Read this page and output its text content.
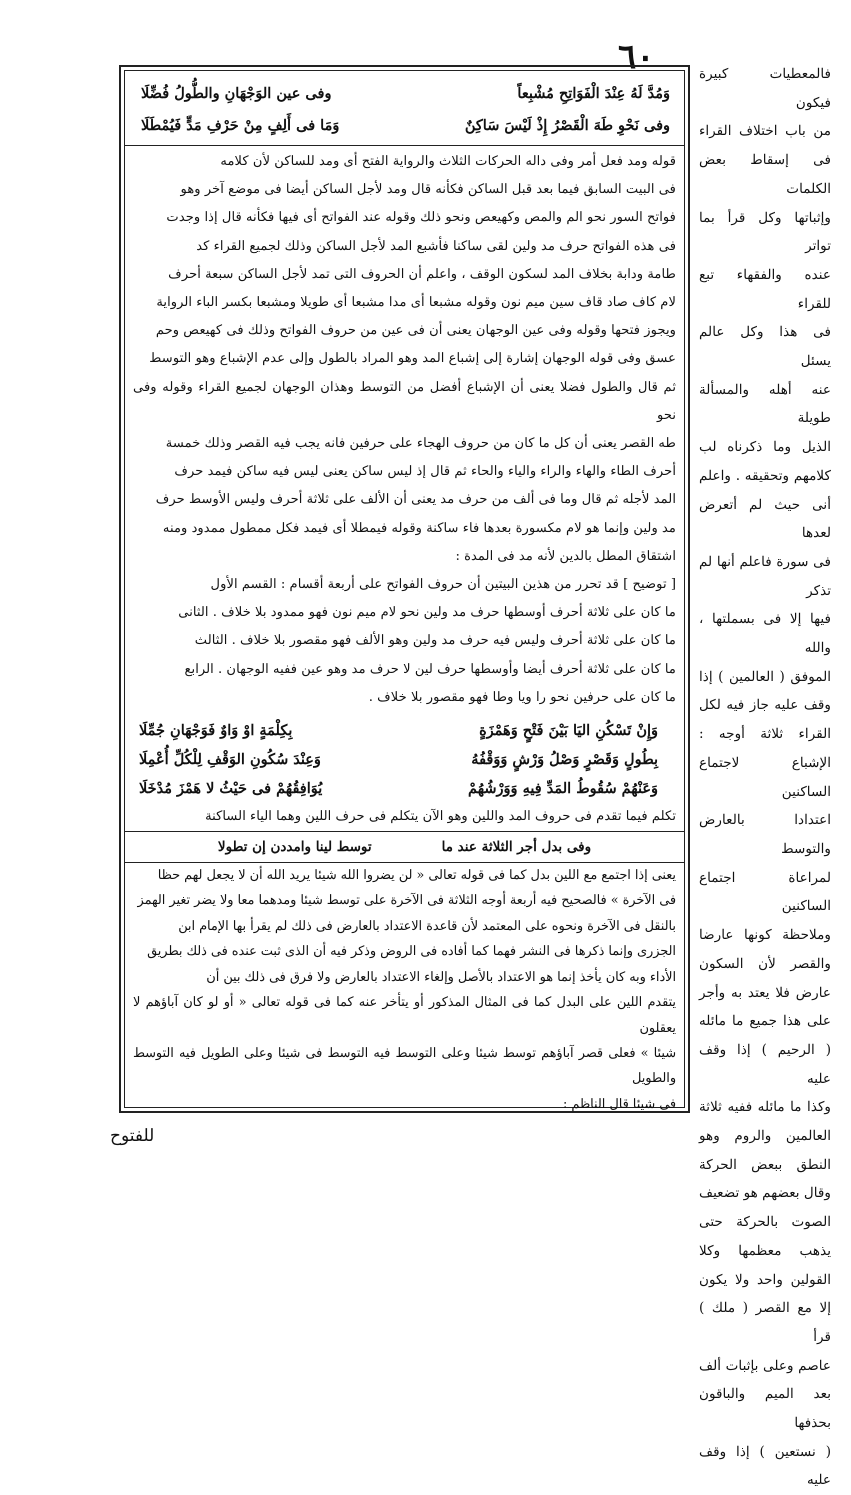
٦٠	فالمعطيات كبيرة فيكون

من باب اختلاف القراء

فى إسقاط بعض الكلمات

وإثباتها وكل قرأ بما تواتر

عنده والفقهاء تبع للقراء

فى هذا وكل عالم يسئل

عنه أهله والمسألة طويلة

الذيل وما ذكرناه لب

كلامهم وتحقيقه . واعلم

أنى حيث لم أتعرض لعدها

فى سورة فاعلم أنها لم تذكر

فيها إلا فى بسملتها ، والله

الموفق ( العالمين ) إذا

وقف عليه جاز فيه لكل

القراء ثلاثة أوجه :

الإشباع لاجتماع الساكنين

اعتدادا بالعارض والتوسط

لمراعاة اجتماع الساكنين

وملاحظة كونها عارضا

والقصر لأن السكون

عارض فلا يعتد به وأجر

على هذا جميع ما مائله

( الرحيم ) إذا وقف عليه

وكذا ما مائله ففيه ثلاثة

العالمين والروم وهو

النطق ببعض الحركة

وقال بعضهم هو تضعيف

الصوت بالحركة حتى

يذهب معظمها وكلا

القولين واحد ولا يكون

إلا مع القصر ( ملك ) قرأ

عاصم وعلى بإثبات ألف

بعد الميم والباقون بحذفها

( نستعين ) إذا وقف عليه

وَمُدَّ لَهُ عِنْدَ الْفَوَاتِحِ مُشْبِعاً
وفى عين الوَجْهَانِ والطُّولُ فُضِّلَا
وفى نَحْوِ طَهَ الْقَصْرُ إِذْ لَيْسَ سَاكِنٌ
وَمَا فى أَلِفٍ مِنْ حَرْفِ مَدٍّ فَيُمْطَلَا

قوله ومد فعل أمر وفى داله الحركات الثلاث والرواية الفتح أى ومد للساكن لأن كلامه

فى البيت السابق فيما بعد قبل الساكن فكأنه قال ومد لأجل الساكن أيضا فى موضع آخر وهو

فواتح السور نحو الم والمص وكهيعص ونحو ذلك وقوله عند الفواتح أى فيها فكأنه قال إذا وجدت

فى هذه الفواتح حرف مد ولين لقى ساكنا فأشبع المد لأجل الساكن وذلك لجميع القراء كد

طامة ودابة بخلاف المد لسكون الوقف ، واعلم أن الحروف التى تمد لأجل الساكن سبعة أحرف

لام كاف صاد قاف سين ميم نون وقوله مشبعا أى مدا مشبعا أى طويلا ومشبعا بكسر الباء الرواية

ويجوز فتحها وقوله وفى عين الوجهان يعنى أن فى عين من حروف الفواتح وذلك فى كهيعص وحم

عسق وفى قوله الوجهان إشارة إلى إشباع المد وهو المراد بالطول وإلى عدم الإشباع وهو التوسط

ثم قال والطول فضلا يعنى أن الإشباع أفضل من التوسط وهذان الوجهان لجميع القراء وقوله وفى نحو

طه القصر يعنى أن كل ما كان من حروف الهجاء على حرفين فانه يجب فيه القصر وذلك خمسة

أحرف الطاء والهاء والراء والياء والحاء ثم قال إذ ليس ساكن يعنى ليس فيه ساكن فيمد حرف

المد لأجله ثم قال وما فى ألف من حرف مد يعنى أن الألف على ثلاثة أحرف وليس الأوسط حرف

مد ولين وإنما هو لام مكسورة بعدها فاء ساكنة وقوله فيمطلا أى فيمد فكل ممطول ممدود ومنه

اشتقاق المطل بالدين لأنه مد فى المدة :

[ توضيح ] قد تحرر من هذين البيتين أن حروف الفواتح على أربعة أقسام : القسم الأول

ما كان على ثلاثة أحرف أوسطها حرف مد ولين نحو لام ميم نون فهو ممدود بلا خلاف . الثانى

ما كان على ثلاثة أحرف وليس فيه حرف مد ولين وهو الألف فهو مقصور بلا خلاف . الثالث

ما كان على ثلاثة أحرف أيضا وأوسطها حرف لين لا حرف مد وهو عين ففيه الوجهان . الرابع

ما كان على حرفين نحو را ويا وطا فهو مقصور بلا خلاف .

وَإِنْ تَسْكُنِ اليَا بَيْنَ فَتْحٍ وَهَمْزَةٍ
بِكِلْمَةٍ اوْ وَاوٌ فَوَجْهَانِ جُمِّلَا
بِطُولٍ وَقَصْرٍ وَصْلُ وَرْشٍ وَوَقْفُهُ
وَعِنْدَ سُكُونِ الوَقْفِ لِلْكُلِّ أُعْمِلَا
وَعَنْهُمْ سُقُوطُ المَدِّ فِيهِ وَوَرْشُهُمْ
يُوَافِقُهُمْ فى حَيْثُ لا هَمْزَ مُدْخَلَا

تكلم فيما تقدم فى حروف المد واللين وهو الآن يتكلم فى حرف اللين وهما الياء الساكنة

وفى بدل أجر الثلاثة عند ما
توسط لينا وامددن إن تطولا

يعنى إذا اجتمع مع اللين بدل كما فى قوله تعالى « لن يضروا الله شيئا يريد الله أن لا يجعل لهم حظا

فى الآخرة » فالصحيح فيه أربعة أوجه الثلاثة فى الآخرة على توسط شيئا ومدهما معا ولا يضر تغير الهمز

بالنقل فى الآخرة ونحوه على المعتمد لأن قاعدة الاعتداد بالعارض فى ذلك لم يقرأ بها الإمام ابن

الجزرى وإنما ذكرها فى النشر فهما كما أفاده فى الروض وذكر فيه أن الذى ثبت عنده فى ذلك بطريق

الأداء وبه كان يأخذ إنما هو الاعتداد بالأصل وإلغاء الاعتداد بالعارض ولا فرق فى ذلك بين أن

يتقدم اللين على البدل كما فى المثال المذكور أو يتأخر عنه كما فى قوله تعالى « أو لو كان آباؤهم لا يعقلون

شيئا » فعلى قصر آباؤهم توسط شيئا وعلى التوسط فيه التوسط فى شيئا وعلى الطويل فيه التوسط والطويل

فى شيئا قال الناظم :

للفتوح
